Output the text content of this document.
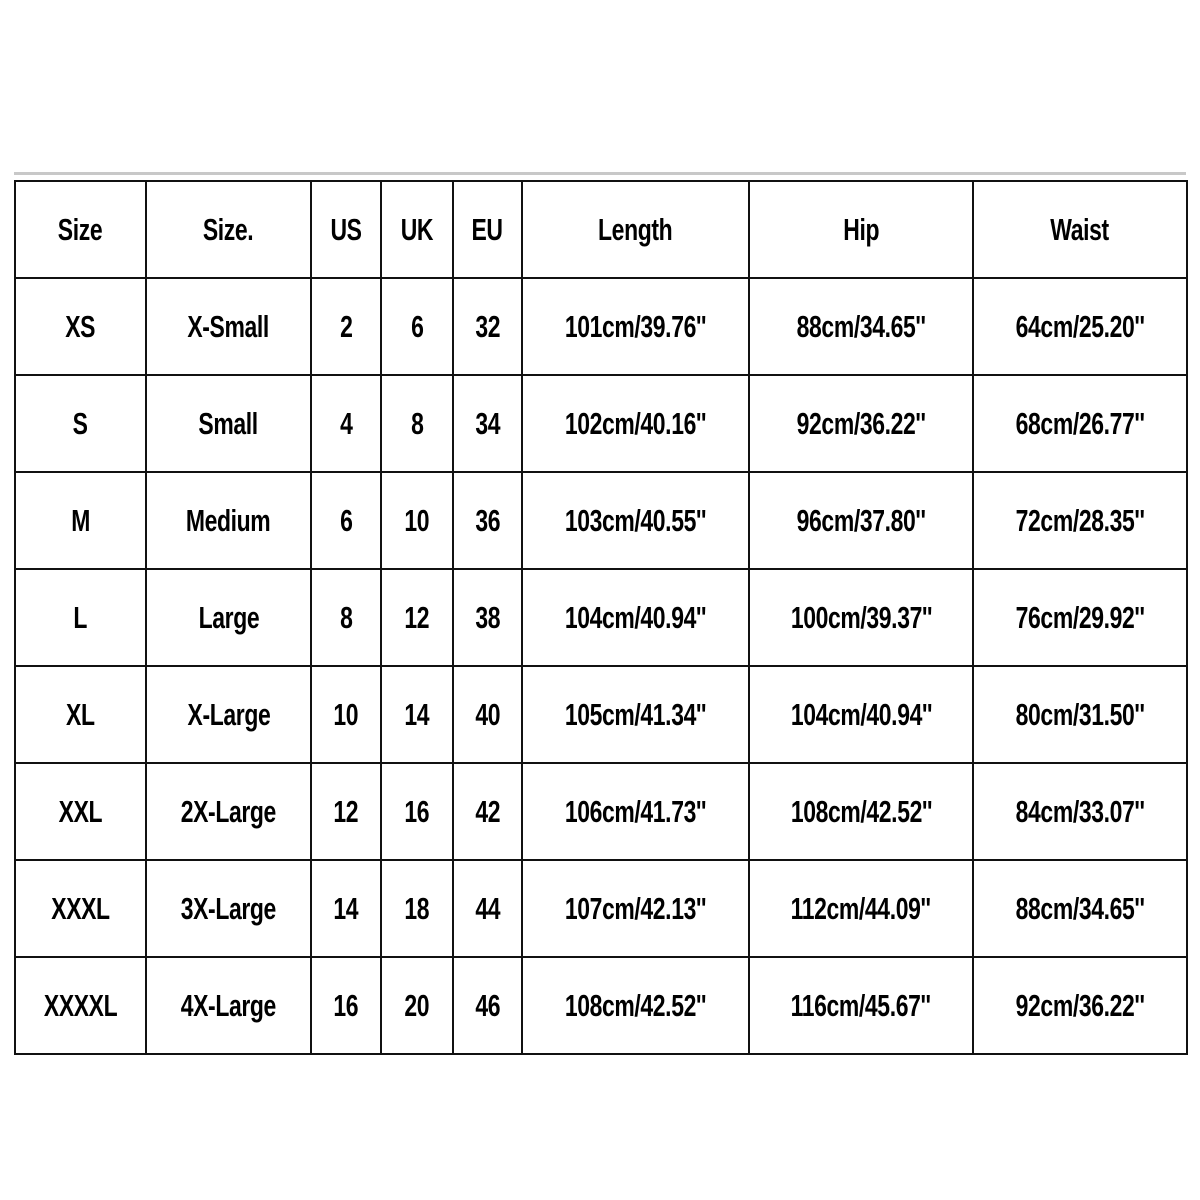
Size	Size.	US	UK	EU	Length	Hip	Waist
XS	X-Small	2	6	32	101cm/39.76''	88cm/34.65''	64cm/25.20''
S	Small	4	8	34	102cm/40.16''	92cm/36.22''	68cm/26.77''
M	Medium	6	10	36	103cm/40.55''	96cm/37.80''	72cm/28.35''
L	Large	8	12	38	104cm/40.94''	100cm/39.37''	76cm/29.92''
XL	X-Large	10	14	40	105cm/41.34''	104cm/40.94''	80cm/31.50''
XXL	2X-Large	12	16	42	106cm/41.73''	108cm/42.52''	84cm/33.07''
XXXL	3X-Large	14	18	44	107cm/42.13''	112cm/44.09''	88cm/34.65''
XXXXL	4X-Large	16	20	46	108cm/42.52''	116cm/45.67''	92cm/36.22''
